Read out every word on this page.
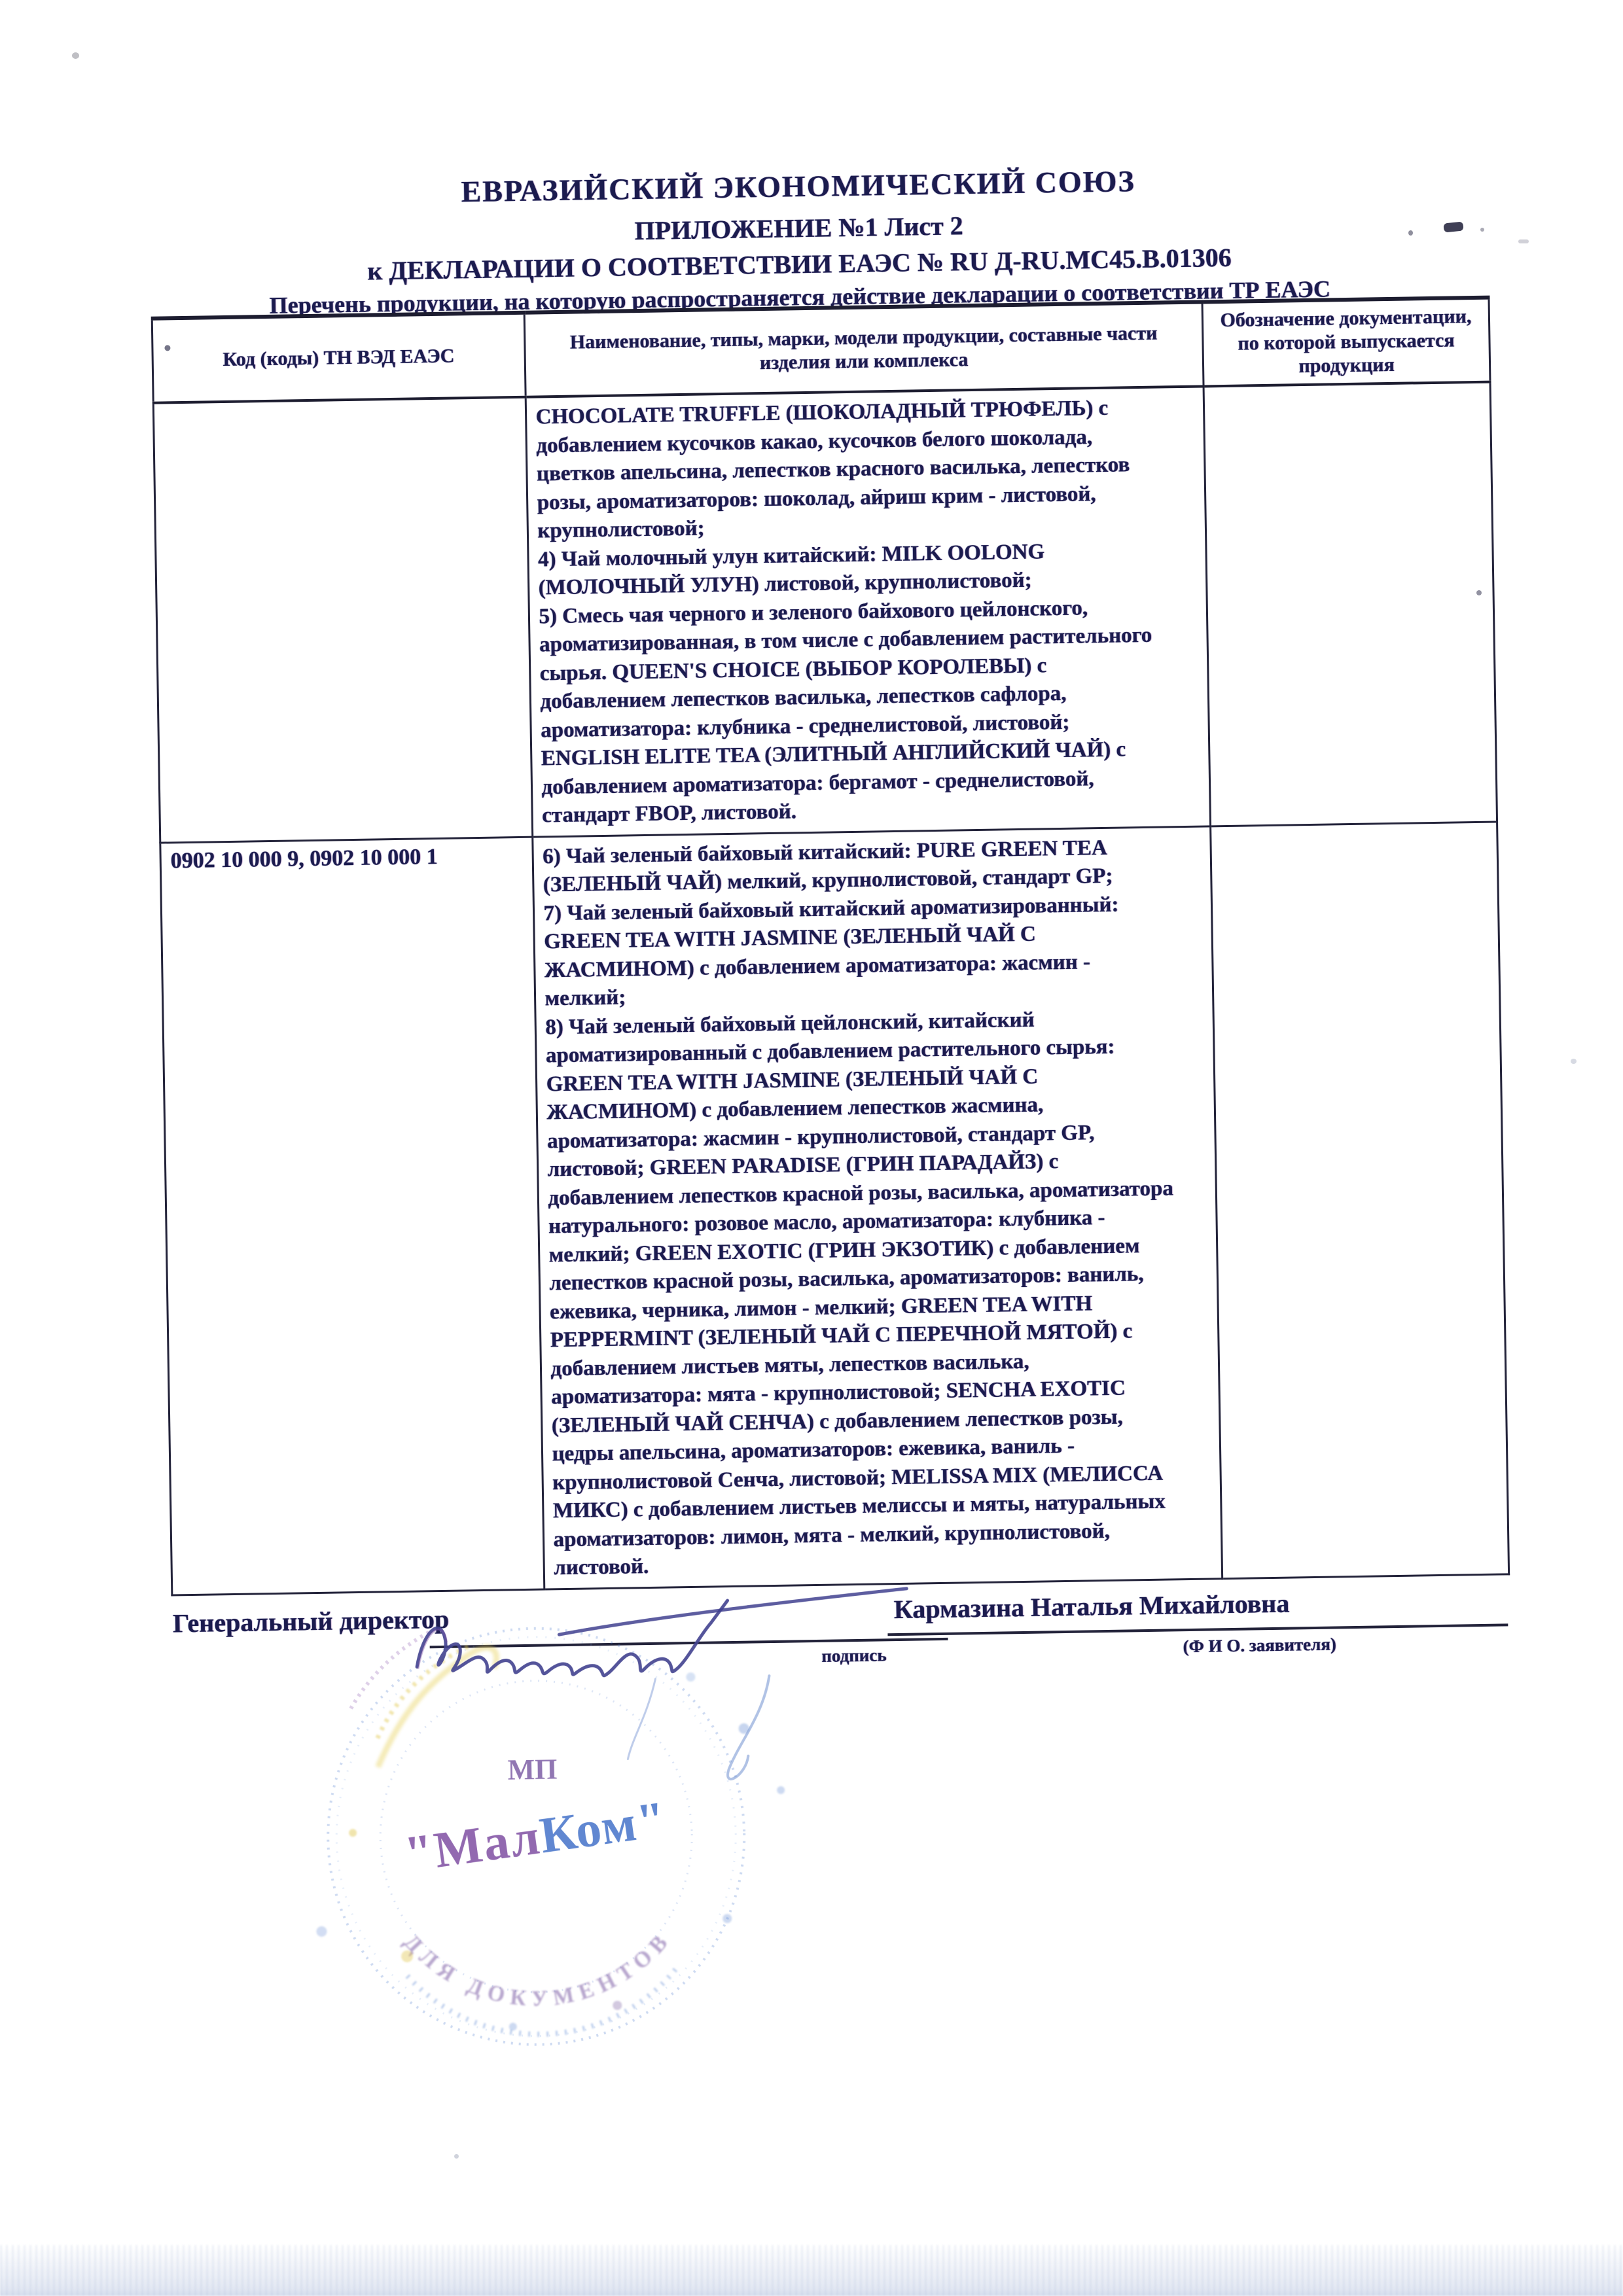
ЕВРАЗИЙСКИЙ ЭКОНОМИЧЕСКИЙ СОЮЗ
ПРИЛОЖЕНИЕ №1 Лист 2
к ДЕКЛАРАЦИИ О СООТВЕТСТВИИ ЕАЭС № RU Д-RU.МС45.В.01306
Перечень продукции, на которую распространяется действие декларации о соответствии ТР ЕАЭС
Код (коды) ТН ВЭД ЕАЭС	Наименование, типы, марки, модели продукции, составные части
изделия или комплекса	Обозначение документации,
по которой выпускается
продукция
	CHOCOLATE TRUFFLE (ШОКОЛАДНЫЙ ТРЮФЕЛЬ) с
добавлением кусочков какао, кусочков белого шоколада,
цветков апельсина, лепестков красного василька, лепестков
розы, ароматизаторов: шоколад, айриш крим - листовой,
крупнолистовой;
4) Чай молочный улун китайский: MILK OOLONG
(МОЛОЧНЫЙ УЛУН) листовой, крупнолистовой;
5) Смесь чая черного и зеленого байхового цейлонского,
ароматизированная, в том числе с добавлением растительного
сырья. QUEEN'S CHOICE (ВЫБОР КОРОЛЕВЫ) с
добавлением лепестков василька, лепестков сафлора,
ароматизатора: клубника - среднелистовой, листовой;
ENGLISH ELITE TEA (ЭЛИТНЫЙ АНГЛИЙСКИЙ ЧАЙ) с
добавлением ароматизатора: бергамот - среднелистовой,
стандарт FBOP, листовой.	
0902 10 000 9, 0902 10 000 1	6) Чай зеленый байховый китайский: PURE GREEN TEA
(ЗЕЛЕНЫЙ ЧАЙ) мелкий, крупнолистовой, стандарт GP;
7) Чай зеленый байховый китайский ароматизированный:
GREEN TEA WITH JASMINE (ЗЕЛЕНЫЙ ЧАЙ С
ЖАСМИНОМ) с добавлением ароматизатора: жасмин -
мелкий;
8) Чай зеленый байховый цейлонский, китайский
ароматизированный с добавлением растительного сырья:
GREEN TEA WITH JASMINE (ЗЕЛЕНЫЙ ЧАЙ С
ЖАСМИНОМ) с добавлением лепестков жасмина,
ароматизатора: жасмин - крупнолистовой, стандарт GP,
листовой; GREEN PARADISE (ГРИН ПАРАДАЙЗ) с
добавлением лепестков красной розы, василька, ароматизатора
натурального: розовое масло, ароматизатора: клубника -
мелкий; GREEN EXOTIC (ГРИН ЭКЗОТИК) с добавлением
лепестков красной розы, василька, ароматизаторов: ваниль,
ежевика, черника, лимон - мелкий; GREEN TEA WITH
PEPPERMINT (ЗЕЛЕНЫЙ ЧАЙ С ПЕРЕЧНОЙ МЯТОЙ) с
добавлением листьев мяты, лепестков василька,
ароматизатора: мята - крупнолистовой; SENCHA EXOTIC
(ЗЕЛЕНЫЙ ЧАЙ СЕНЧА) с добавлением лепестков розы,
цедры апельсина, ароматизаторов: ежевика, ваниль -
крупнолистовой Сенча, листовой; MELISSA MIX (МЕЛИССА
МИКС) с добавлением листьев мелиссы и мяты, натуральных
ароматизаторов: лимон, мята - мелкий, крупнолистовой,
листовой.	
Генеральный директор
подпись
Кармазина Наталья Михайловна
(Ф И О. заявителя)
МП
"МалКом"
ДЛЯ ДОКУМЕНТОВ
